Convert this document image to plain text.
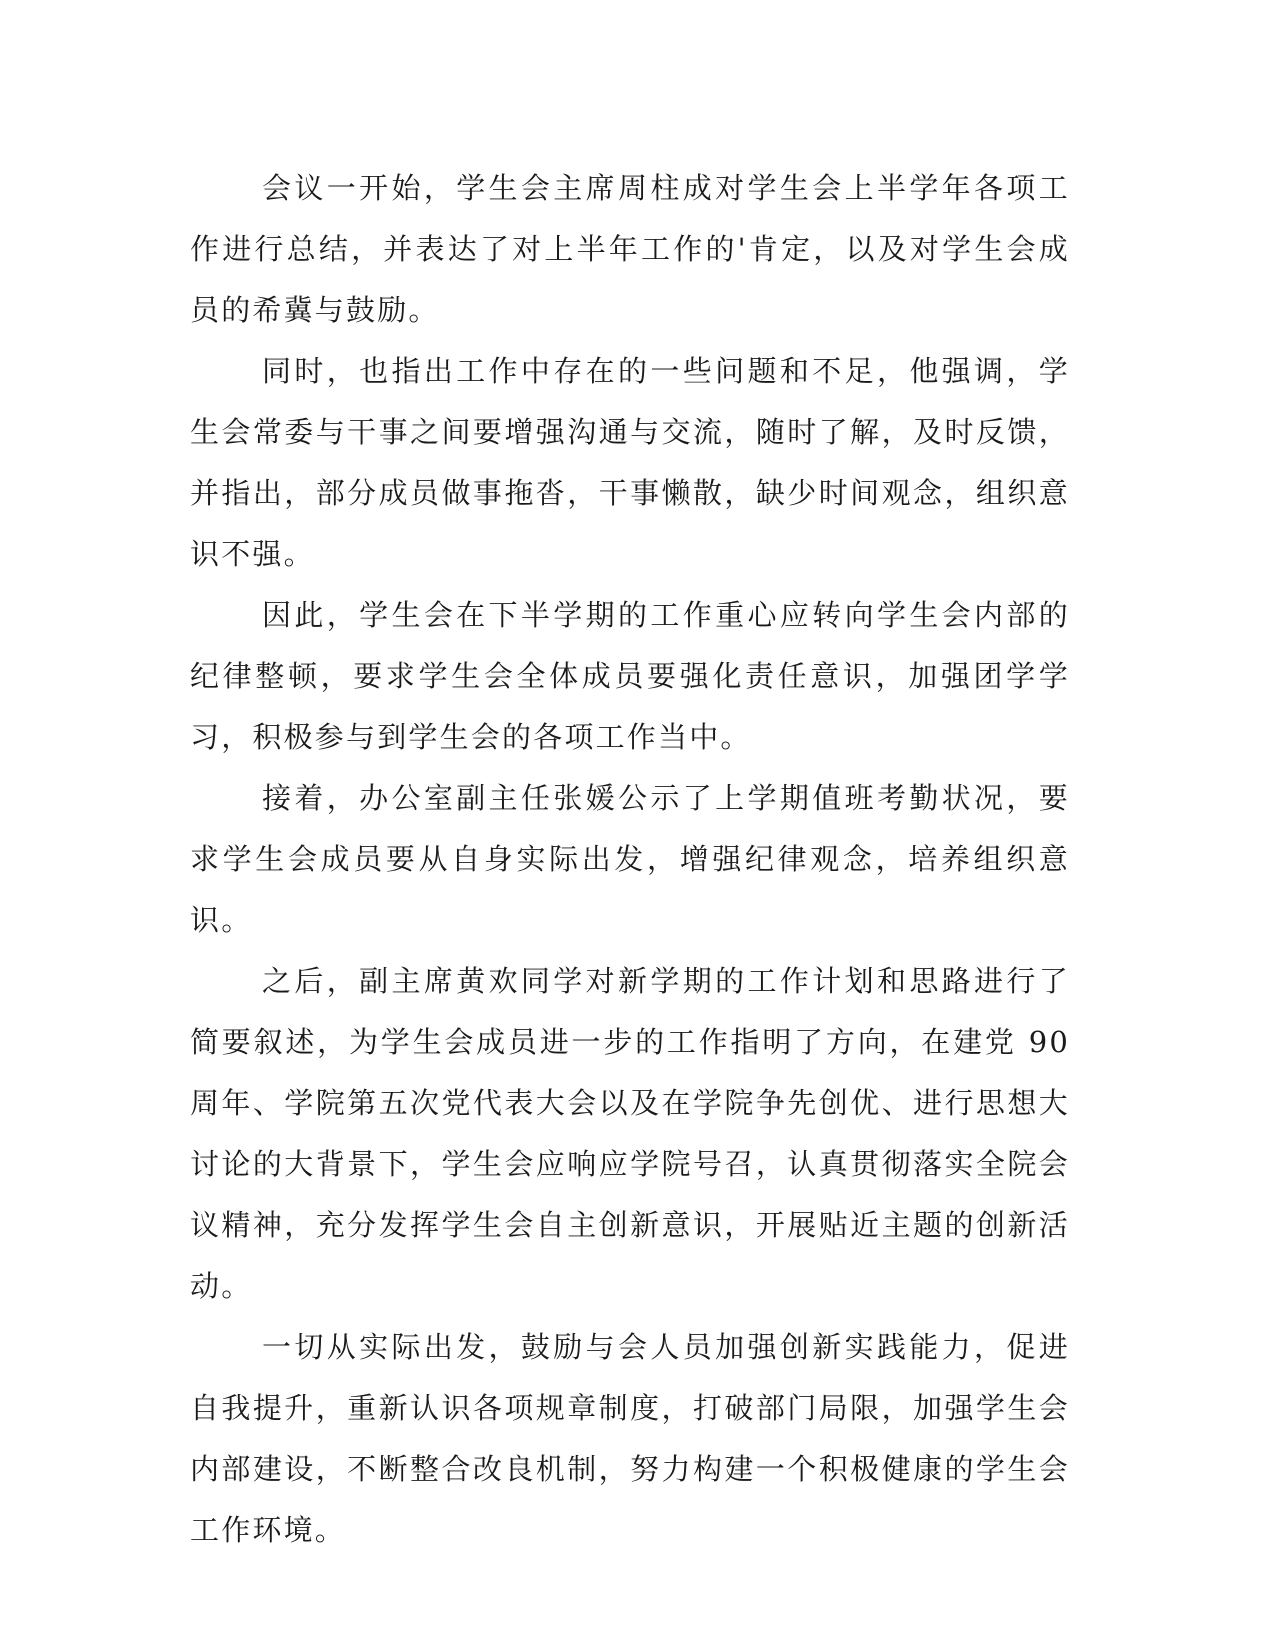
会议一开始，学生会主席周柱成对学生会上半学年各项工作进行总结，并表达了对上半年工作的'肯定，以及对学生会成员的希冀与鼓励。

同时，也指出工作中存在的一些问题和不足，他强调，学生会常委与干事之间要增强沟通与交流，随时了解，及时反馈，并指出，部分成员做事拖沓，干事懒散，缺少时间观念，组织意识不强。

因此，学生会在下半学期的工作重心应转向学生会内部的纪律整顿，要求学生会全体成员要强化责任意识，加强团学学习，积极参与到学生会的各项工作当中。

接着，办公室副主任张媛公示了上学期值班考勤状况，要求学生会成员要从自身实际出发，增强纪律观念，培养组织意识。

之后，副主席黄欢同学对新学期的工作计划和思路进行了简要叙述，为学生会成员进一步的工作指明了方向，在建党 90 周年、学院第五次党代表大会以及在学院争先创优、进行思想大讨论的大背景下，学生会应响应学院号召，认真贯彻落实全院会议精神，充分发挥学生会自主创新意识，开展贴近主题的创新活动。

一切从实际出发，鼓励与会人员加强创新实践能力，促进自我提升，重新认识各项规章制度，打破部门局限，加强学生会内部建设，不断整合改良机制，努力构建一个积极健康的学生会工作环境。
